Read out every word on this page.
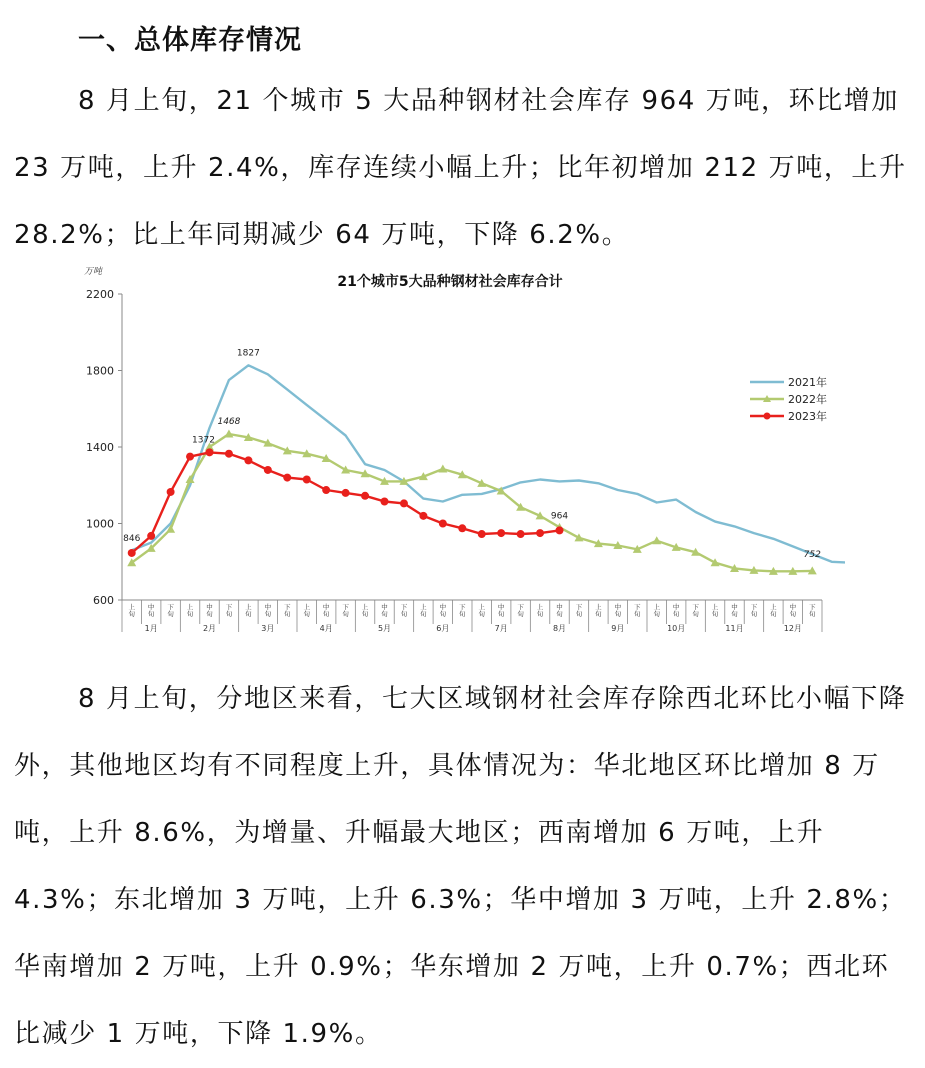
一、总体库存情况

8 月上旬，21 个城市 5 大品种钢材社会库存 964 万吨，环比增加 23 万吨，上升 2.4%，库存连续小幅上升；比年初增加 212 万吨，上升 28.2%；比上年同期减少 64 万吨，下降 6.2%。

21个城市5大品种钢材社会库存合计
万吨
600
1000
1400
1800
2200
上
旬
中
旬
下
旬
上
旬
中
旬
下
旬
上
旬
中
旬
下
旬
上
旬
中
旬
下
旬
上
旬
中
旬
下
旬
上
旬
中
旬
下
旬
上
旬
中
旬
下
旬
上
旬
中
旬
下
旬
上
旬
中
旬
下
旬
上
旬
中
旬
下
旬
上
旬
中
旬
下
旬
上
旬
中
旬
下
旬
1月	2月	3月	4月	5月	6月	7月	8月	9月	10月	11月	12月
846
1827
1468
1372
964
752
2021年
2022年
2023年

8 月上旬，分地区来看，七大区域钢材社会库存除西北环比小幅下降外，其他地区均有不同程度上升，具体情况为：华北地区环比增加 8 万吨，上升 8.6%，为增量、升幅最大地区；西南增加 6 万吨，上升 4.3%；东北增加 3 万吨，上升 6.3%；华中增加 3 万吨，上升 2.8%；华南增加 2 万吨，上升 0.9%；华东增加 2 万吨，上升 0.7%；西北环比减少 1 万吨，下降 1.9%。
